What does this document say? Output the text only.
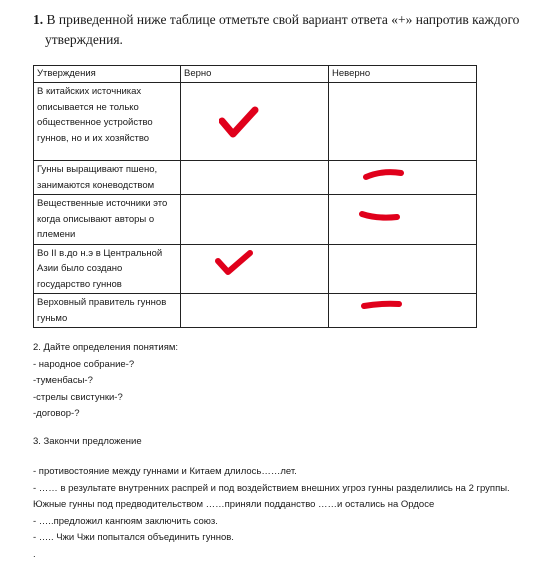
1. В приведенной ниже таблице отметьте свой вариант ответа «+» напротив каждого
утверждения.
Утверждения	Верно	Неверно
В китайских источниках описывается не только общественное устройство гуннов, но и их хозяйство	

Гунны выращивают пшено, занимаются коневодством		

Вещественные источники это когда описывают авторы о племени		

Во II в.до н.э в Центральной Азии было создано государство гуннов	

Верховный правитель гуннов гуньмо		
2. Дайте определения понятиям:
- народное собрание-?
-туменбасы-?
-стрелы свистунки-?
-договор-?
3. Закончи предложение
- противостояние между гуннами и Китаем длилось……лет.
- …… в результате внутренних распрей и под воздействием внешних угроз гунны разделились на 2 группы. Южные гунны под предводительством ……приняли подданство ……и остались на Ордосе
- …..предложил кангюям заключить союз.
- ….. Чжи Чжи попытался объединить гуннов.
.
